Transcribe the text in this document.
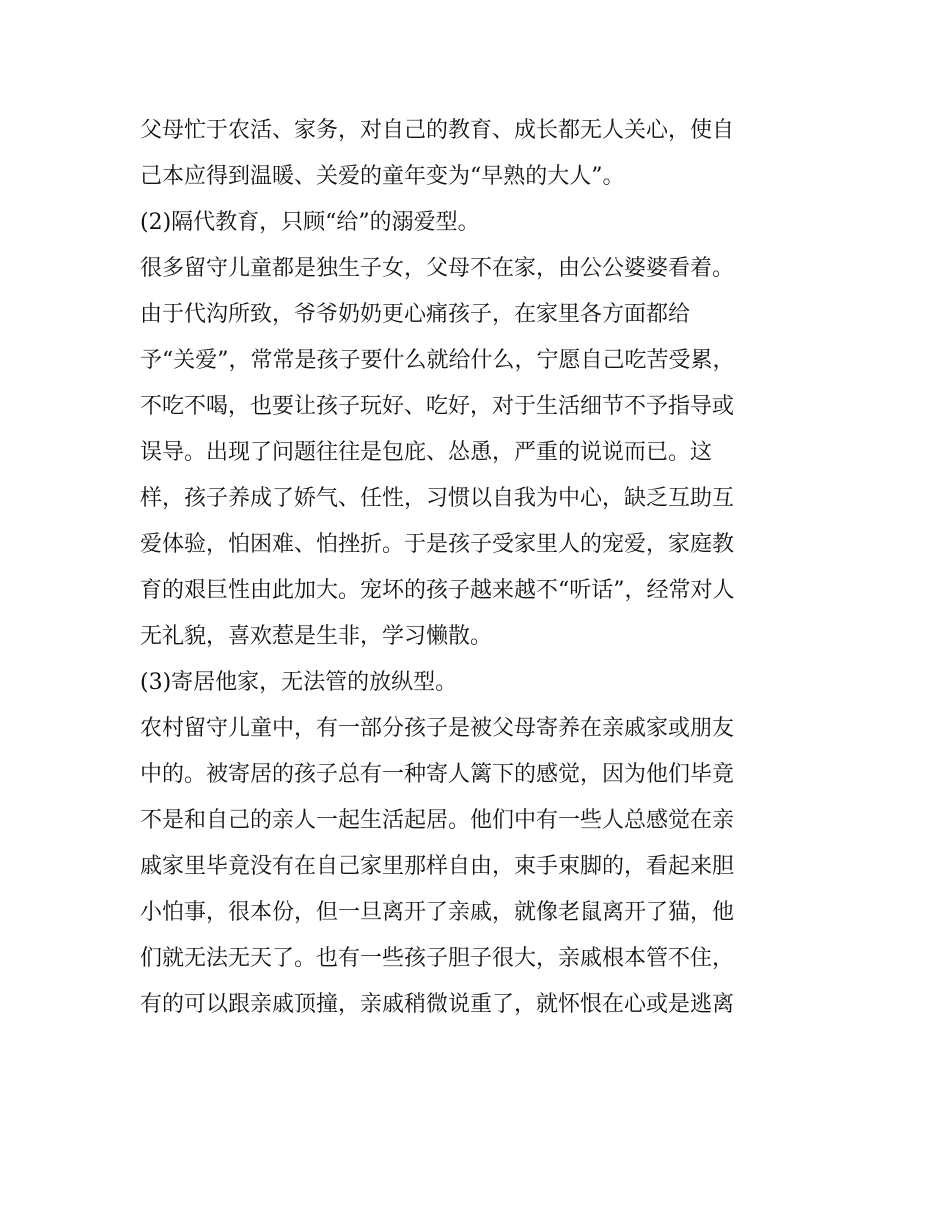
父母忙于农活、家务，对自己的教育、成长都无人关心，使自
己本应得到温暖、关爱的童年变为“早熟的大人”。
(2)隔代教育，只顾“给”的溺爱型。
很多留守儿童都是独生子女，父母不在家，由公公婆婆看着。
由于代沟所致，爷爷奶奶更心痛孩子，在家里各方面都给
予“关爱”，常常是孩子要什么就给什么，宁愿自己吃苦受累，
不吃不喝，也要让孩子玩好、吃好，对于生活细节不予指导或
误导。出现了问题往往是包庇、怂恿，严重的说说而已。这
样，孩子养成了娇气、任性，习惯以自我为中心，缺乏互助互
爱体验，怕困难、怕挫折。于是孩子受家里人的宠爱，家庭教
育的艰巨性由此加大。宠坏的孩子越来越不“听话”，经常对人
无礼貌，喜欢惹是生非，学习懒散。
(3)寄居他家，无法管的放纵型。
农村留守儿童中，有一部分孩子是被父母寄养在亲戚家或朋友
中的。被寄居的孩子总有一种寄人篱下的感觉，因为他们毕竟
不是和自己的亲人一起生活起居。他们中有一些人总感觉在亲
戚家里毕竟没有在自己家里那样自由，束手束脚的，看起来胆
小怕事，很本份，但一旦离开了亲戚，就像老鼠离开了猫，他
们就无法无天了。也有一些孩子胆子很大，亲戚根本管不住，
有的可以跟亲戚顶撞，亲戚稍微说重了，就怀恨在心或是逃离
